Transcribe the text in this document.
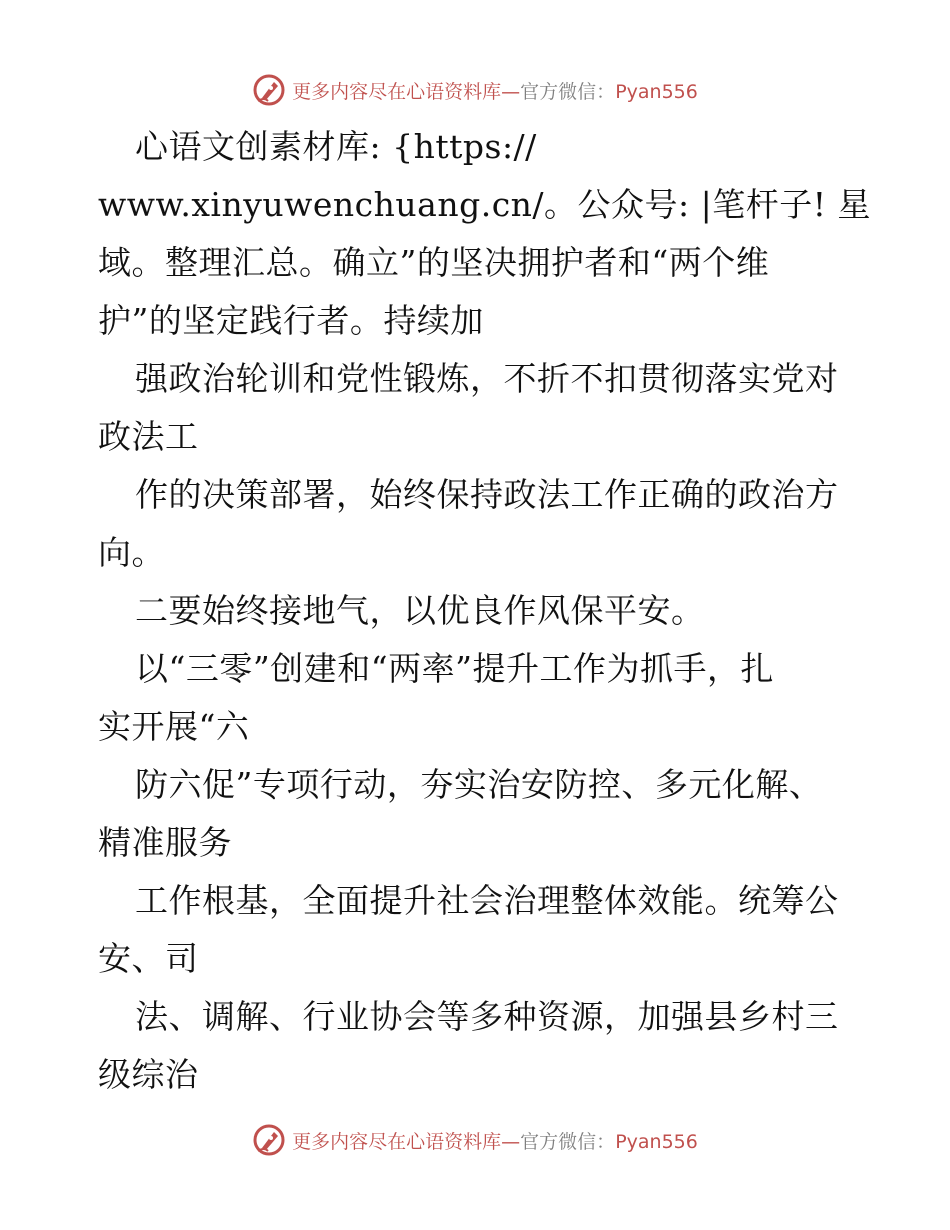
更多内容尽在心语资料库—官方微信：Pyan556
心语文创素材库: {https://
www.xinyuwenchuang.cn/。公众号: |笔杆子! 星
域。整理汇总。确立”的坚决拥护者和“两个维
护”的坚定践行者。持续加
强政治轮训和党性锻炼，不折不扣贯彻落实党对
政法工
作的决策部署，始终保持政法工作正确的政治方
向。
二要始终接地气，以优良作风保平安。
以“三零”创建和“两率”提升工作为抓手，扎
实开展“六
防六促”专项行动，夯实治安防控、多元化解、
精准服务
工作根基，全面提升社会治理整体效能。统筹公
安、司
法、调解、行业协会等多种资源，加强县乡村三
级综治
更多内容尽在心语资料库—官方微信：Pyan556
